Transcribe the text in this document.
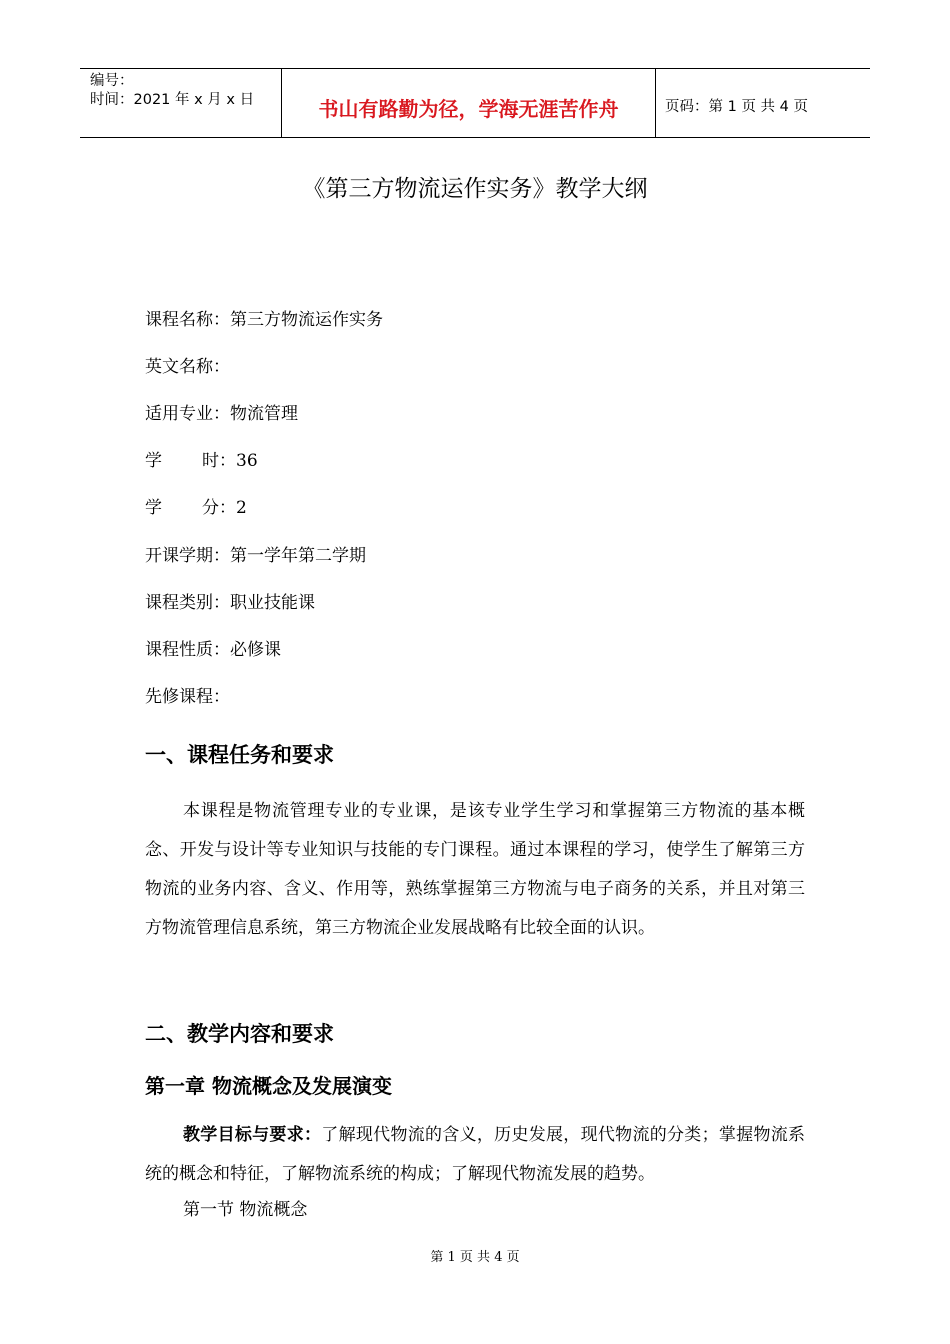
编号：
时间：2021 年 x 月 x 日	书山有路勤为径，学海无涯苦作舟	页码：第 1 页 共 4 页
《第三方物流运作实务》教学大纲
课程名称：第三方物流运作实务
英文名称：
适用专业：物流管理
学 时：36
学 分：2
开课学期：第一学年第二学期
课程类别：职业技能课
课程性质：必修课
先修课程：
一、课程任务和要求
本课程是物流管理专业的专业课，是该专业学生学习和掌握第三方物流的基本概念、开发与设计等专业知识与技能的专门课程。通过本课程的学习，使学生了解第三方物流的业务内容、含义、作用等，熟练掌握第三方物流与电子商务的关系，并且对第三方物流管理信息系统，第三方物流企业发展战略有比较全面的认识。
二、教学内容和要求
第一章 物流概念及发展演变
教学目标与要求：了解现代物流的含义，历史发展，现代物流的分类；掌握物流系统的概念和特征，了解物流系统的构成；了解现代物流发展的趋势。
第一节 物流概念
第 1 页 共 4 页
